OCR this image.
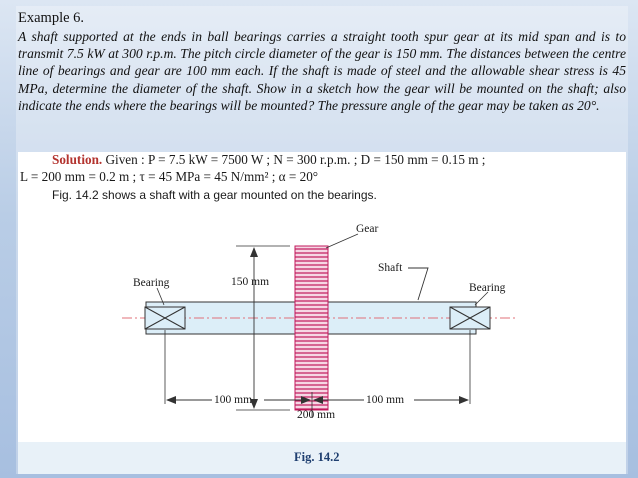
Example 6.
A shaft supported at the ends in ball bearings carries a straight tooth spur gear at its mid span and is to transmit 7.5 kW at 300 r.p.m. The pitch circle diameter of the gear is 150 mm. The distances between the centre line of bearings and gear are 100 mm each. If the shaft is made of steel and the allowable shear stress is 45 MPa, determine the diameter of the shaft. Show in a sketch how the gear will be mounted on the shaft; also indicate the ends where the bearings will be mounted? The pressure angle of the gear may be taken as 20°.
Solution. Given : P = 7.5 kW = 7500 W ; N = 300 r.p.m. ; D = 150 mm = 0.15 m ;
L = 200 mm = 0.2 m ; τ = 45 MPa = 45 N/mm² ; α = 20°
Fig. 14.2 shows a shaft with a gear mounted on the bearings.
150 mm
Gear
Shaft
Bearing	Bearing
100 mm	100 mm
200 mm
Fig. 14.2
